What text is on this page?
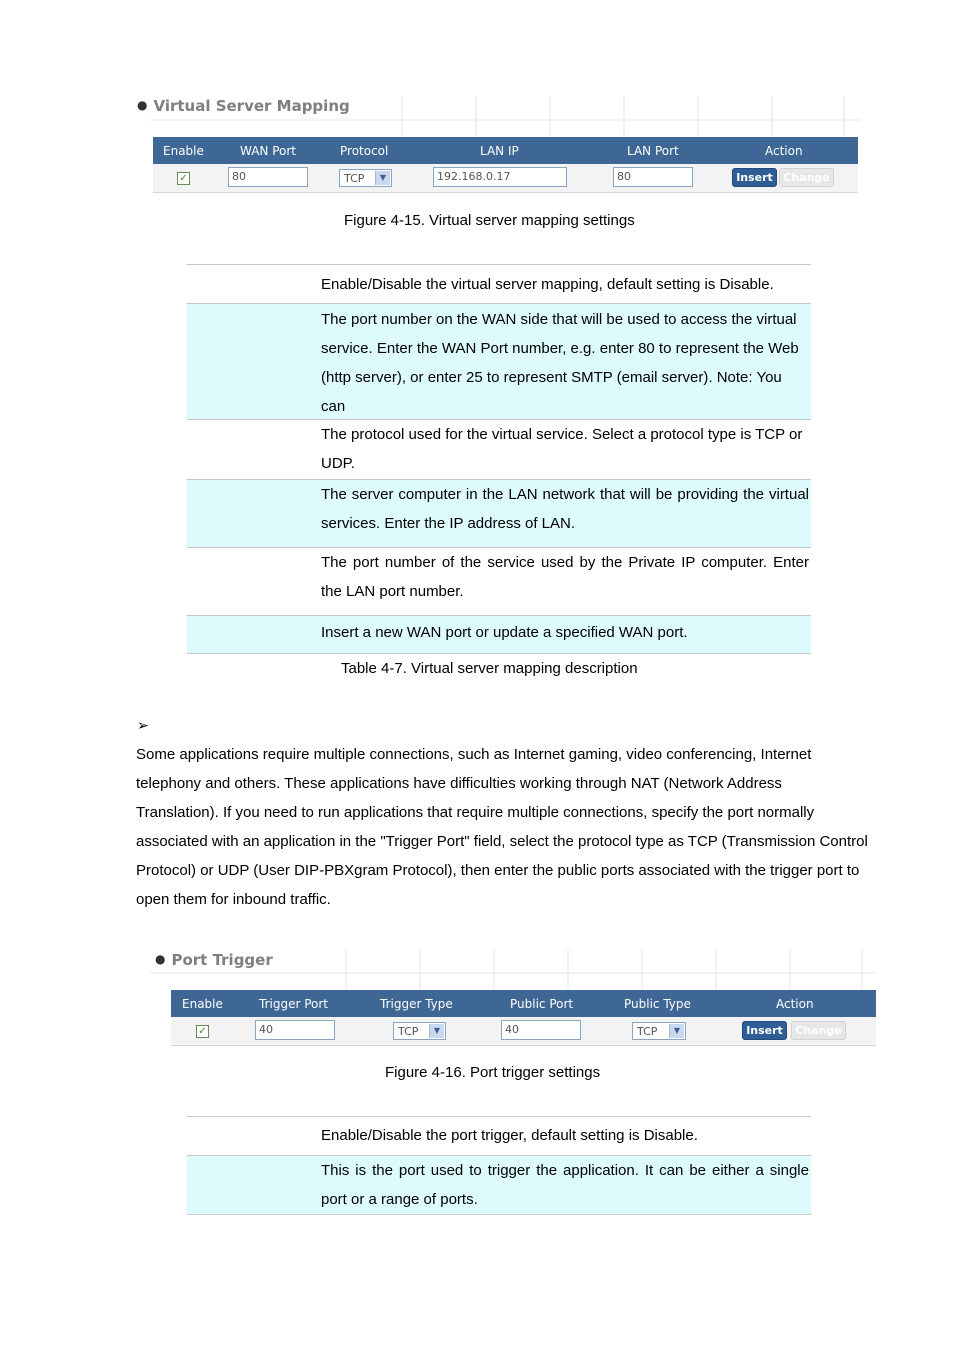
● Virtual Server Mapping
Enable	WAN Port	Protocol	LAN IP	LAN Port	Action
✓	80	TCP	▼	192.168.0.17	80	Insert Change
Figure 4-15. Virtual server mapping settings
Enable/Disable the virtual server mapping, default setting is Disable.
The port number on the WAN side that will be used to access the virtual service. Enter the WAN Port number, e.g. enter 80 to represent the Web (http server), or enter 25 to represent SMTP (email server). Note: You can
The protocol used for the virtual service. Select a protocol type is TCP or UDP.
The server computer in the LAN network that will be providing the virtual services. Enter the IP address of LAN.
The port number of the service used by the Private IP computer. Enter the LAN port number.
Insert a new WAN port or update a specified WAN port.
Table 4-7. Virtual server mapping description
➢
Some applications require multiple connections, such as Internet gaming, video conferencing, Internet telephony and others. These applications have difficulties working through NAT (Network Address Translation). If you need to run applications that require multiple connections, specify the port normally associated with an application in the "Trigger Port" field, select the protocol type as TCP (Transmission Control Protocol) or UDP (User DIP-PBXgram Protocol), then enter the public ports associated with the trigger port to open them for inbound traffic.
● Port Trigger
Enable	Trigger Port	Trigger Type	Public Port	Public Type	Action
✓	40	TCP	▼	40	TCP	▼	Insert	Change
Figure 4-16. Port trigger settings
Enable/Disable the port trigger, default setting is Disable.
This is the port used to trigger the application. It can be either a single port or a range of ports.
